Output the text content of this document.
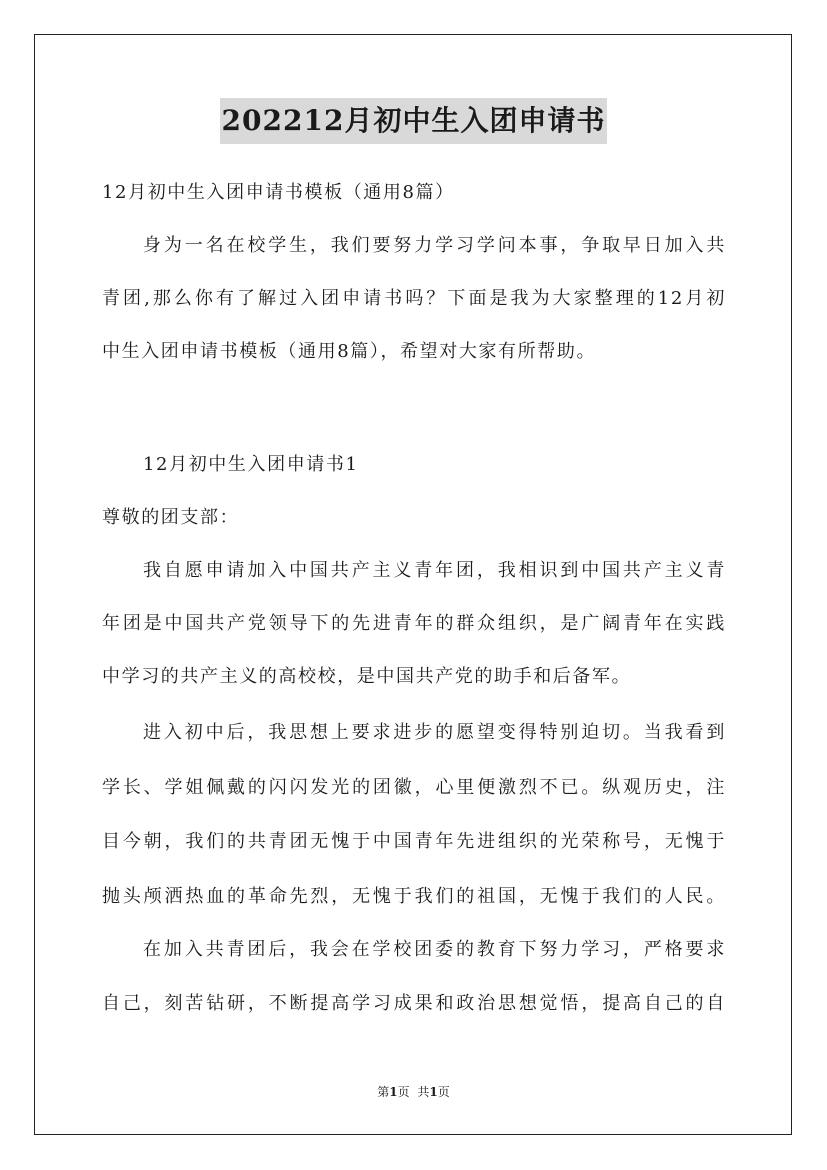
202212月初中生入团申请书
12月初中生入团申请书模板（通用8篇）
身为一名在校学生，我们要努力学习学问本事，争取早日加入共
青团,那么你有了解过入团申请书吗？下面是我为大家整理的12月初
中生入团申请书模板（通用8篇），希望对大家有所帮助。
12月初中生入团申请书1
尊敬的团支部：
我自愿申请加入中国共产主义青年团，我相识到中国共产主义青
年团是中国共产党领导下的先进青年的群众组织，是广阔青年在实践
中学习的共产主义的高校校，是中国共产党的助手和后备军。
进入初中后，我思想上要求进步的愿望变得特别迫切。当我看到
学长、学姐佩戴的闪闪发光的团徽，心里便激烈不已。纵观历史，注
目今朝，我们的共青团无愧于中国青年先进组织的光荣称号，无愧于
抛头颅洒热血的革命先烈，无愧于我们的祖国，无愧于我们的人民。
在加入共青团后，我会在学校团委的教育下努力学习，严格要求
自己，刻苦钻研，不断提高学习成果和政治思想觉悟，提高自己的自
第1页 共1页
